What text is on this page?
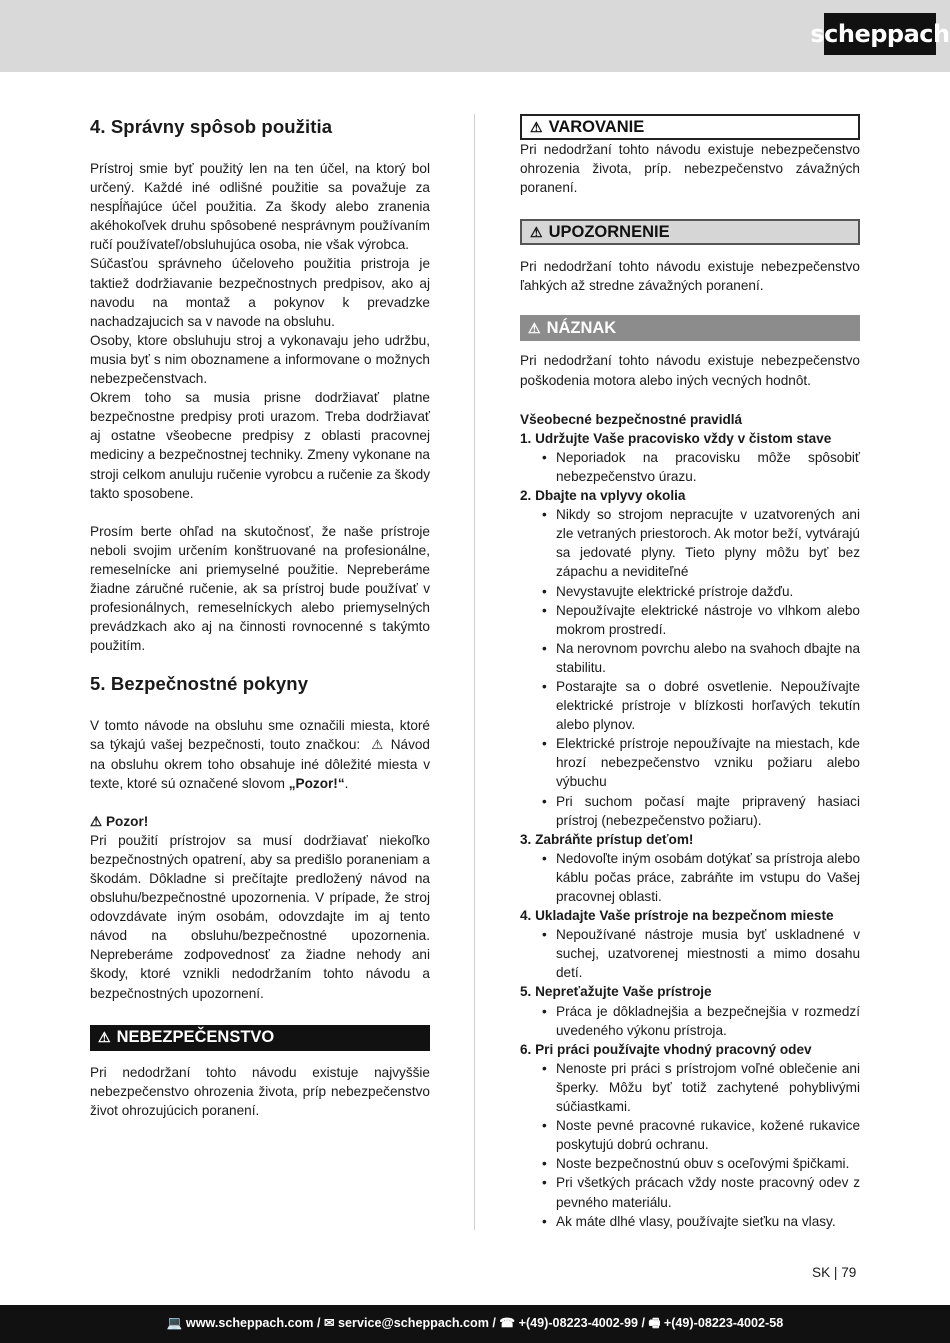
scheppach
4. Správny spôsob použitia

Prístroj smie byť použitý len na ten účel, na ktorý bol určený. Každé iné odlišné použitie sa považuje za nespĺňajúce účel použitia. Za škody alebo zranenia akéhokoľvek druhu spôsobené nesprávnym používaním ručí používateľ/obsluhujúca osoba, nie však výrobca.

Súčasťou správneho účeloveho použitia pristroja je taktiež dodržiavanie bezpečnostnych predpisov, ako aj navodu na montaž a pokynov k prevadzke nachadzajucich sa v navode na obsluhu.

Osoby, ktore obsluhuju stroj a vykonavaju jeho udržbu, musia byť s nim oboznamene a informovane o možnych nebezpečenstvach.

Okrem toho sa musia prisne dodržiavať platne bezpečnostne predpisy proti urazom. Treba dodržiavať aj ostatne všeobecne predpisy z oblasti pracovnej mediciny a bezpečnostnej techniky. Zmeny vykonane na stroji celkom anuluju ručenie vyrobcu a ručenie za škody takto sposobene.

Prosím berte ohľad na skutočnosť, že naše prístroje neboli svojim určením konštruované na profesionálne, remeselnícke ani priemyselné použitie. Nepreberáme žiadne záručné ručenie, ak sa prístroj bude používať v profesionálnych, remeselníckych alebo priemyselných prevádzkach ako aj na činnosti rovnocenné s takýmto použitím.

5. Bezpečnostné pokyny

V tomto návode na obsluhu sme označili miesta, ktoré sa týkajú vašej bezpečnosti, touto značkou:  ⚠ Návod na obsluhu okrem toho obsahuje iné dôležité miesta v texte, ktoré sú označené slovom „Pozor!“.

⚠ Pozor!

Pri použití prístrojov sa musí dodržiavať niekoľko bezpečnostných opatrení, aby sa predišlo poraneniam a škodám. Dôkladne si prečítajte predložený návod na obsluhu/bezpečnostné upozornenia. V prípade, že stroj odovzdávate iným osobám, odovzdajte im aj tento návod na obsluhu/bezpečnostné upozornenia. Nepreberáme zodpovednosť za žiadne nehody ani škody, ktoré vznikli nedodržaním tohto návodu a bezpečnostných upozornení.

⚠ NEBEZPEČENSTVO

Pri nedodržaní tohto návodu existuje najvyššie nebezpečenstvo ohrozenia života, príp nebezpečenstvo život ohrozujúcich poranení.

⚠ VAROVANIE

Pri nedodržaní tohto návodu existuje nebezpečenstvo ohrozenia života, príp. nebezpečenstvo závažných poranení.

⚠ UPOZORNENIE

Pri nedodržaní tohto návodu existuje nebezpečenstvo ľahkých až stredne závažných poranení.

⚠ NÁZNAK

Pri nedodržaní tohto návodu existuje nebezpečenstvo poškodenia motora alebo iných vecných hodnôt.

Všeobecné bezpečnostné pravidlá
1. Udržujte Vaše pracovisko vždy v čistom stave
• Neporiadok na pracovisku môže spôsobiť nebezpečenstvo úrazu.
2. Dbajte na vplyvy okolia
• Nikdy so strojom nepracujte v uzatvorených ani zle vetraných priestoroch. Ak motor beží, vytvárajú sa jedovaté plyny. Tieto plyny môžu byť bez zápachu a neviditeľné
• Nevystavujte elektrické prístroje dažďu.
• Nepoužívajte elektrické nástroje vo vlhkom alebo mokrom prostredí.
• Na nerovnom povrchu alebo na svahoch dbajte na stabilitu.
• Postarajte sa o dobré osvetlenie. Nepoužívajte elektrické prístroje v blízkosti horľavých tekutín alebo plynov.
• Elektrické prístroje nepoužívajte na miestach, kde hrozí nebezpečenstvo vzniku požiaru alebo výbuchu
• Pri suchom počasí majte pripravený hasiaci prístroj (nebezpečenstvo požiaru).
3. Zabráňte prístup deťom!
• Nedovoľte iným osobám dotýkať sa prístroja alebo káblu počas práce, zabráňte im vstupu do Vašej pracovnej oblasti.
4. Ukladajte Vaše prístroje na bezpečnom mieste
• Nepoužívané nástroje musia byť uskladnené v suchej, uzatvorenej miestnosti a mimo dosahu detí.
5. Nepreťažujte Vaše prístroje
• Práca je dôkladnejšia a bezpečnejšia v rozmedzí uvedeného výkonu prístroja.
6. Pri práci používajte vhodný pracovný odev
• Nenoste pri práci s prístrojom voľné oblečenie ani šperky. Môžu byť totiž zachytené pohyblivými súčiastkami.
• Noste pevné pracovné rukavice, kožené rukavice poskytujú dobrú ochranu.
• Noste bezpečnostnú obuv s oceľovými špičkami.
• Pri všetkých prácach vždy noste pracovný odev z pevného materiálu.
• Ak máte dlhé vlasy, používajte sieťku na vlasy.
SK | 79
💻 www.scheppach.com / ✉ service@scheppach.com / ☎ +(49)-08223-4002-99 / 🖷 +(49)-08223-4002-58
